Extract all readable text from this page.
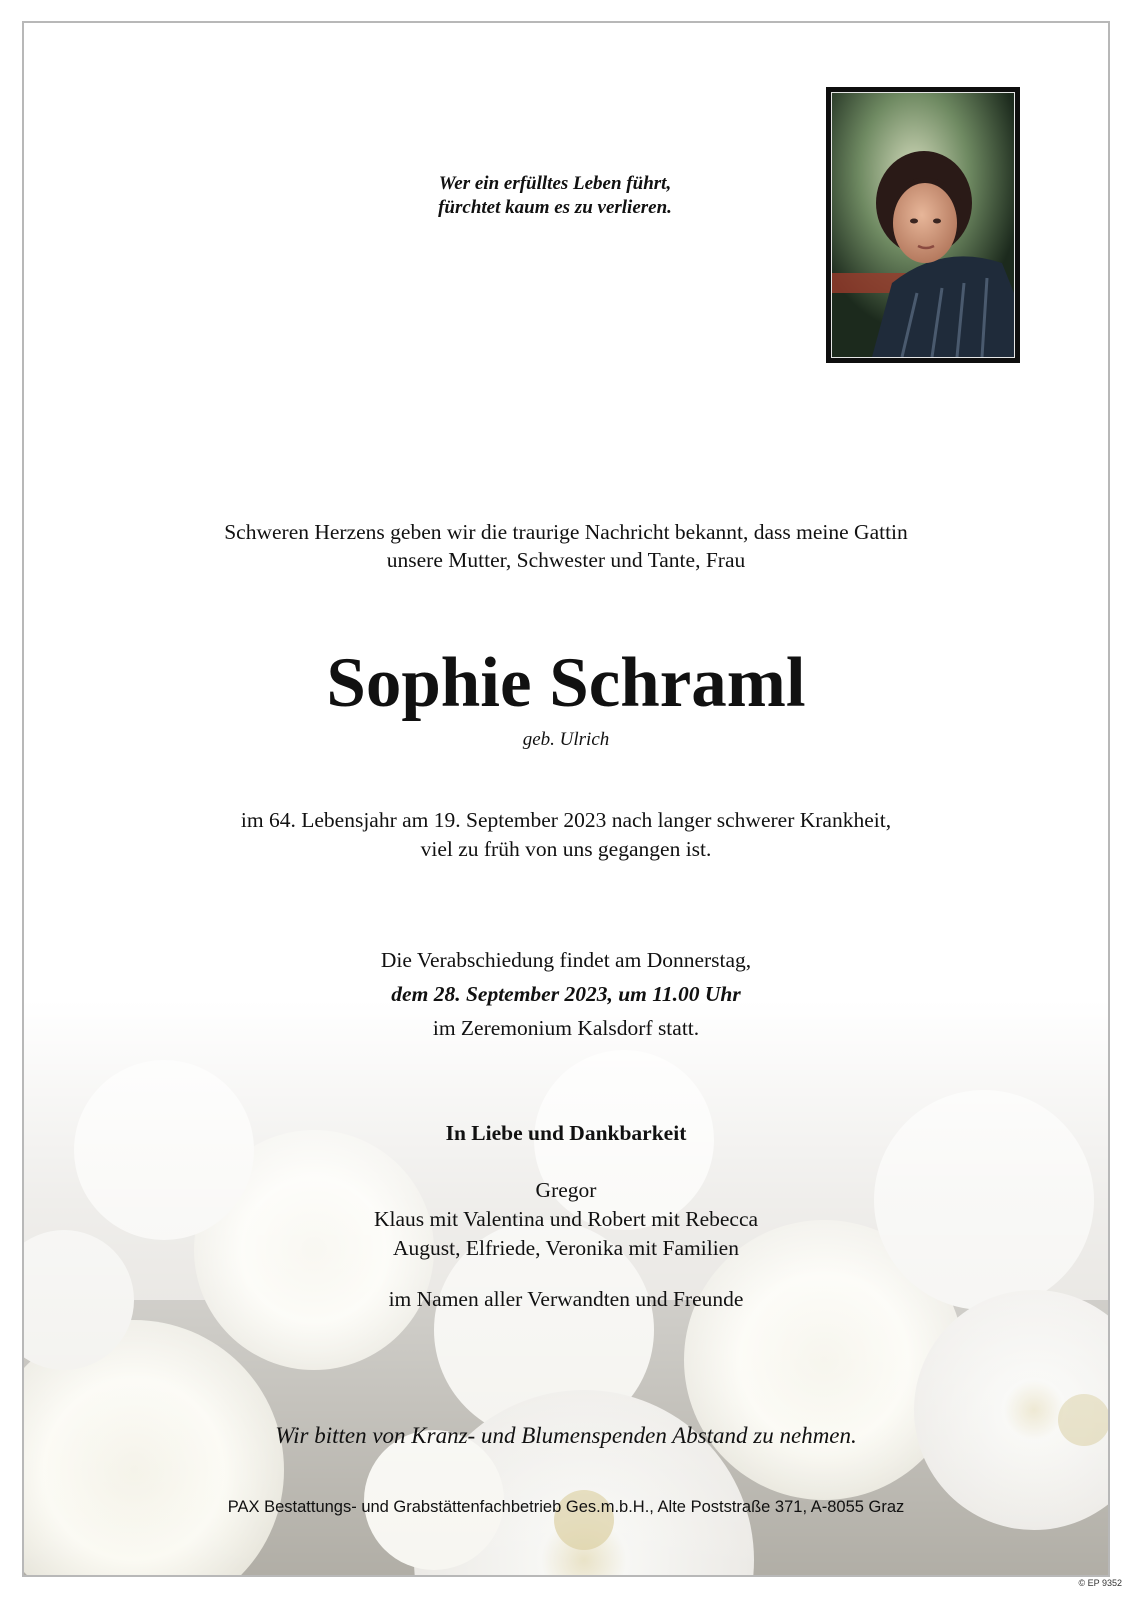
Wer ein erfülltes Leben führt,
fürchtet kaum es zu verlieren.
Schweren Herzens geben wir die traurige Nachricht bekannt, dass meine Gattin
unsere Mutter, Schwester und Tante, Frau
Sophie Schraml
geb. Ulrich
im 64. Lebensjahr am 19. September 2023 nach langer schwerer Krankheit,
viel zu früh von uns gegangen ist.
Die Verabschiedung findet am Donnerstag,
dem 28. September 2023, um 11.00 Uhr
im Zeremonium Kalsdorf statt.
In Liebe und Dankbarkeit
Gregor
Klaus mit Valentina und Robert mit Rebecca
August, Elfriede, Veronika mit Familien
im Namen aller Verwandten und Freunde
Wir bitten von Kranz- und Blumenspenden Abstand zu nehmen.
PAX Bestattungs- und Grabstättenfachbetrieb Ges.m.b.H., Alte Poststraße 371, A-8055 Graz
© EP 9352
